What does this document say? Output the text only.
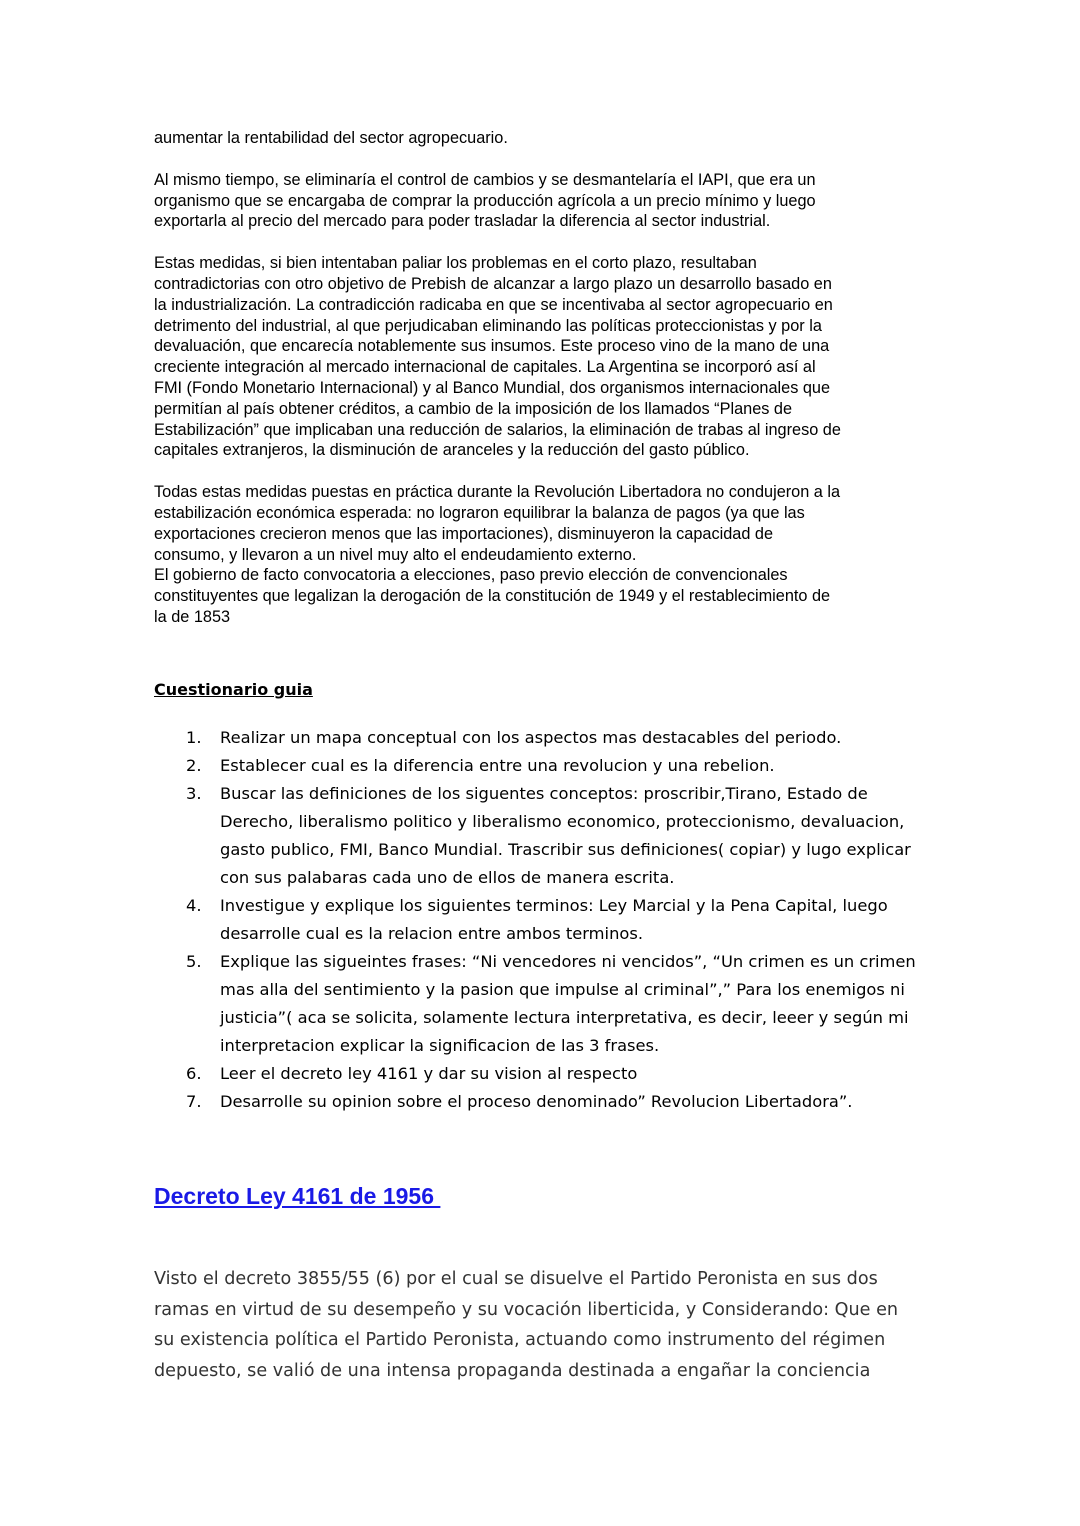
aumentar la rentabilidad del sector agropecuario.

Al mismo tiempo, se eliminaría el control de cambios y se desmantelaría el IAPI, que era un
organismo que se encargaba de comprar la producción agrícola a un precio mínimo y luego
exportarla al precio del mercado para poder trasladar la diferencia al sector industrial.

Estas medidas, si bien intentaban paliar los problemas en el corto plazo, resultaban
contradictorias con otro objetivo de Prebish de alcanzar a largo plazo un desarrollo basado en
la industrialización. La contradicción radicaba en que se incentivaba al sector agropecuario en
detrimento del industrial, al que perjudicaban eliminando las políticas proteccionistas y por la
devaluación, que encarecía notablemente sus insumos. Este proceso vino de la mano de una
creciente integración al mercado internacional de capitales. La Argentina se incorporó así al
FMI (Fondo Monetario Internacional) y al Banco Mundial, dos organismos internacionales que
permitían al país obtener créditos, a cambio de la imposición de los llamados “Planes de
Estabilización” que implicaban una reducción de salarios, la eliminación de trabas al ingreso de
capitales extranjeros, la disminución de aranceles y la reducción del gasto público.

Todas estas medidas puestas en práctica durante la Revolución Libertadora no condujeron a la
estabilización económica esperada: no lograron equilibrar la balanza de pagos (ya que las
exportaciones crecieron menos que las importaciones), disminuyeron la capacidad de
consumo, y llevaron a un nivel muy alto el endeudamiento externo.

El gobierno de facto convocatoria a elecciones, paso previo elección de convencionales
constituyentes que legalizan la derogación de la constitución de 1949 y el restablecimiento de
la de 1853

Cuestionario guia

1. Realizar un mapa conceptual con los aspectos mas destacables del periodo.
2. Establecer cual es la diferencia entre una revolucion y una rebelion.
3. Buscar las definiciones de los siguentes conceptos: proscribir,Tirano, Estado de
Derecho, liberalismo politico y liberalismo economico, proteccionismo, devaluacion,
gasto publico, FMI, Banco Mundial. Trascribir sus definiciones( copiar) y lugo explicar
con sus palabaras cada uno de ellos de manera escrita.
4. Investigue y explique los siguientes terminos: Ley Marcial y la Pena Capital, luego
desarrolle cual es la relacion entre ambos terminos.
5. Explique las sigueintes frases: “Ni vencedores ni vencidos”, “Un crimen es un crimen
mas alla del sentimiento y la pasion que impulse al criminal”,” Para los enemigos ni
justicia”( aca se solicita, solamente lectura interpretativa, es decir, leeer y según mi
interpretacion explicar la significacion de las 3 frases.
6. Leer el decreto ley 4161 y dar su vision al respecto
7. Desarrolle su opinion sobre el proceso denominado” Revolucion Libertadora”.
Decreto Ley 4161 de 1956

Visto el decreto 3855/55 (6) por el cual se disuelve el Partido Peronista en sus dos
ramas en virtud de su desempeño y su vocación liberticida, y Considerando: Que en
su existencia política el Partido Peronista, actuando como instrumento del régimen
depuesto, se valió de una intensa propaganda destinada a engañar la conciencia
